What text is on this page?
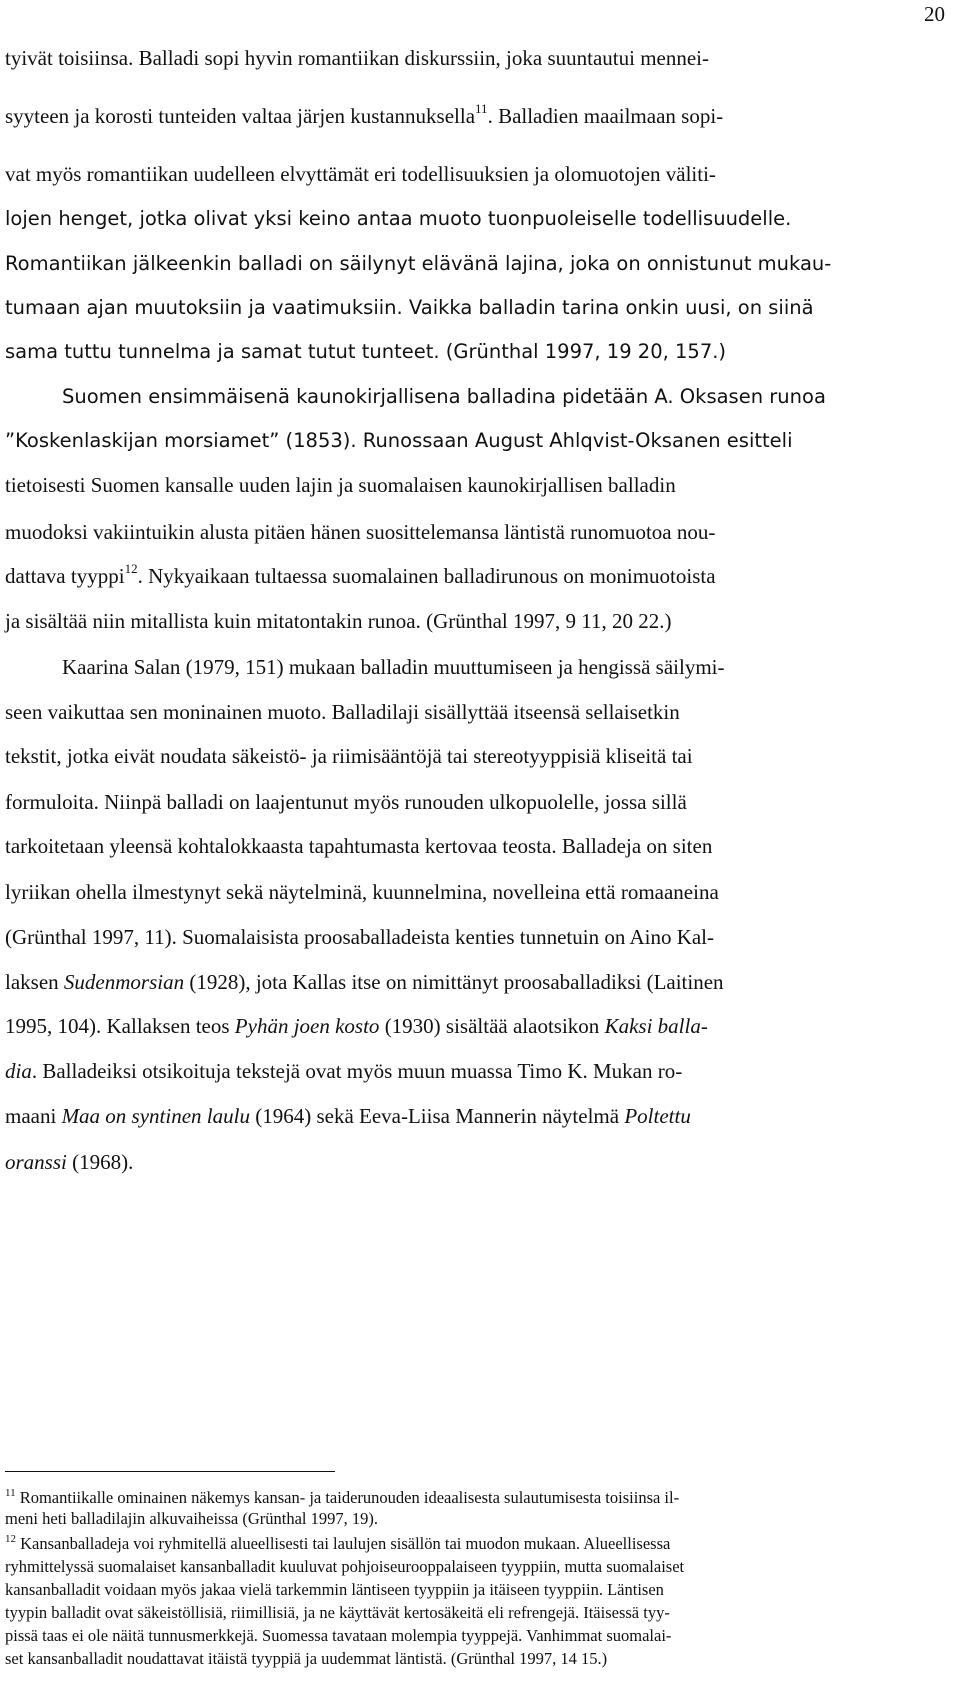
20
tyivät toisiinsa. Balladi sopi hyvin romantiikan diskurssiin, joka suuntautui mennei-
syyteen ja korosti tunteiden valtaa järjen kustannuksella$^{11}$. Balladien maailmaan sopi-
vat myös romantiikan uudelleen elvyttämät eri todellisuuksien ja olomuotojen väliti-
lojen henget, jotka olivat yksi keino antaa muoto tuonpuoleiselle todellisuudelle.
Romantiikan jälkeenkin balladi on säilynyt elävänä lajina, joka on onnistunut mukau-
tumaan ajan muutoksiin ja vaatimuksiin. Vaikka balladin tarina onkin uusi, on siinä
sama tuttu tunnelma ja samat tutut tunteet. (Grünthal 1997, 19 20, 157.)
Suomen ensimmäisenä kaunokirjallisena balladina pidetään A. Oksasen runoa
”Koskenlaskijan morsiamet” (1853). Runossaan August Ahlqvist-Oksanen esitteli
tietoisesti Suomen kansalle uuden lajin ja suomalaisen kaunokirjallisen balladin
muodoksi vakiintuikin alusta pitäen hänen suosittelemansa läntistä runomuotoa nou-
dattava tyyppi$^{12}$. Nykyaikaan tultaessa suomalainen balladirunous on monimuotoista
ja sisältää niin mitallista kuin mitatontakin runoa. (Grünthal 1997, 9 11, 20 22.)
Kaarina Salan (1979, 151) mukaan balladin muuttumiseen ja hengissä säilymi-
seen vaikuttaa sen moninainen muoto. Balladilaji sisällyttää itseensä sellaisetkin
tekstit, jotka eivät noudata säkeistö- ja riimisääntöjä tai stereotyyppisiä kliseitä tai
formuloita. Niinpä balladi on laajentunut myös runouden ulkopuolelle, jossa sillä
tarkoitetaan yleensä kohtalokkaasta tapahtumasta kertovaa teosta. Balladeja on siten
lyriikan ohella ilmestynyt sekä näytelminä, kuunnelmina, novelleina että romaaneina
(Grünthal 1997, 11). Suomalaisista proosaballadeista kenties tunnetuin on Aino Kal-
laksen Sudenmorsian (1928), jota Kallas itse on nimittänyt proosaballadiksi (Laitinen
1995, 104). Kallaksen teos Pyhän joen kosto (1930) sisältää alaotsikon Kaksi balla-
dia. Balladeiksi otsikoituja tekstejä ovat myös muun muassa Timo K. Mukan ro-
maani Maa on syntinen laulu (1964) sekä Eeva-Liisa Mannerin näytelmä Poltettu
oranssi (1968).
$^{11}$ Romantiikalle ominainen näkemys kansan- ja taiderunouden ideaalisesta sulautumisesta toisiinsa il-
meni heti balladilajin alkuvaiheissa (Grünthal 1997, 19).
$^{12}$ Kansanballadeja voi ryhmitellä alueellisesti tai laulujen sisällön tai muodon mukaan. Alueellisessa
ryhmittelyssä suomalaiset kansanballadit kuuluvat pohjoiseurooppalaiseen tyyppiin, mutta suomalaiset
kansanballadit voidaan myös jakaa vielä tarkemmin läntiseen tyyppiin ja itäiseen tyyppiin. Läntisen
tyypin balladit ovat säkeistöllisiä, riimillisiä, ja ne käyttävät kertosäkeitä eli refrengejä. Itäisessä tyy-
pissä taas ei ole näitä tunnusmerkkejä. Suomessa tavataan molempia tyyppejä. Vanhimmat suomalai-
set kansanballadit noudattavat itäistä tyyppiä ja uudemmat läntistä. (Grünthal 1997, 14 15.)
